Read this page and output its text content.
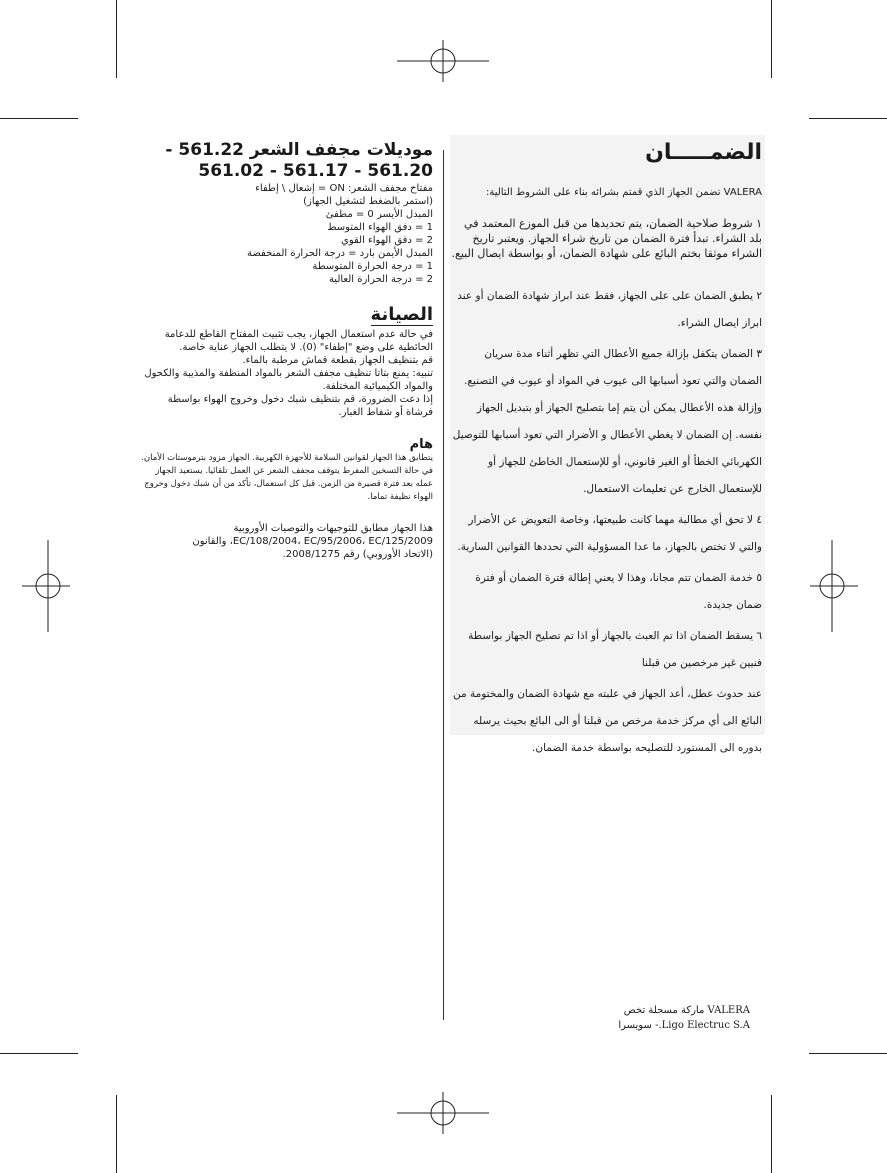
الضمـــــان

VALERA تضمن الجهاز الذي قمتم بشرائه بناء على الشروط التالية:

١ شروط صلاحية الضمان، يتم تحديدها من قبل الموزع المعتمد في بلد الشراء. تبدأ فترة الضمان من تاريخ شراء الجهاز. ويعتبر تاريخ الشراء موثقا بختم البائع على شهادة الضمان، أو بواسطة ايصال البيع.

٢ يطبق الضمان على على الجهاز، فقط عند ابراز شهادة الضمان أو عند ابراز ايصال الشراء.

٣ الضمان يتكفل بإزالة جميع الأعطال التي تظهر أثناء مدة سريان الضمان والتي تعود أسبابها الى عيوب في المواد أو عيوب في التصنيع. وإزالة هذه الأعطال يمكن أن يتم إما بتصليح الجهاز أو بتبديل الجهاز نفسه. إن الضمان لا يغطي الأعطال و الأضرار التي تعود أسبابها للتوصيل الكهربائي الخطأ أو الغير قانوني، أو للإستعمال الخاطئ للجهاز أو للإستعمال الخارج عن تعليمات الاستعمال.

٤ لا تحق أي مطالبة مهما كانت طبيعتها، وخاصة التعويض عن الأضرار والتي لا تختص بالجهاز، ما عدا المسؤولية التي تحددها القوانين السارية.

٥ خدمة الضمان تتم مجانا، وهذا لا يعني إطالة فترة الضمان أو فترة ضمان جديدة.

٦ يسقط الضمان اذا تم العبث بالجهاز أو اذا تم تصليح الجهاز بواسطة فنيين غير مرخصين من قبلنا

عند حدوث عطل، أعد الجهاز في علبته مع شهادة الضمان والمختومة من البائع الى أي مركز خدمة مرخص من قبلنا أو الى البائع بحيث يرسله بدوره الى المستورد للتصليحه بواسطة خدمة الضمان.

VALERA ماركة مسجلة تخص
Ligo Electruc S.A.- سويسرا
موديلات مجفف الشعر 561.22 - 561.20 - 561.17 - 561.02

مفتاح مجفف الشعر: ON = إشعال \ إطفاء

(استمر بالضغط لتشغيل الجهاز)

المبدل الأيسر 0 = مطفئ

1 = دفق الهواء المتوسط

2 = دفق الهواء القوي

المبدل الأيمن بارد = درجة الحرارة المنخفضة

1 = درجة الحرارة المتوسطة

2 = درجة الحرارة العالية

الصيانة

في حالة عدم استعمال الجهاز، يجب تثبيت المفتاح القاطع للدعامة الحائطية على وضع "إطفاء" (0). لا يتطلب الجهاز عناية خاصة.

قم بتنظيف الجهاز بقطعة قماش مرطبة بالماء.

تنبيه: يمنع بتاتا تنظيف مجفف الشعر بالمواد المنظفة والمذيبة والكحول والمواد الكيميائية المختلفة.

إذا دعت الضرورة، قم بتنظيف شبك دخول وخروج الهواء بواسطة فرشاة أو شفاط الغبار.

هام

يتطابق هذا الجهاز لقوانين السلامة للأجهزة الكهربية. الجهاز مزود بترموستات الأمان. في حالة التسخين المفرط يتوقف مجفف الشعر عن العمل تلقائيا. يستعيد الجهاز عمله بعد فترة قصيرة من الزمن. قبل كل استعمال، تأكد من أن شبك دخول وخروج الهواء نظيفة تماما.

هذا الجهاز مطابق للتوجيهات والتوصيات الأوروبية

EC/108/2004، EC/95/2006، EC/125/2009، والقانون

(الاتحاد الأوروبي) رقم 2008/1275.
